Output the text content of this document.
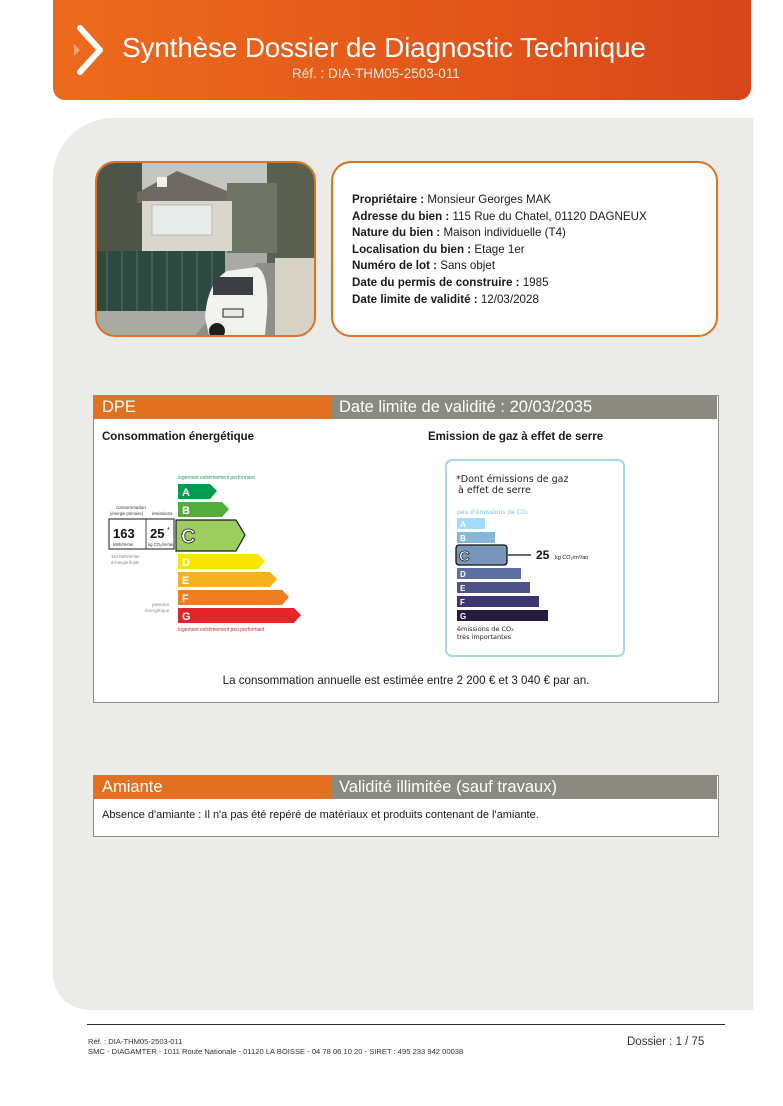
Synthèse Dossier de Diagnostic Technique
Réf. : DIA-THM05-2503-011
Propriétaire : Monsieur Georges MAK
Adresse du bien : 115 Rue du Chatel, 01120 DAGNEUX
Nature du bien : Maison individuelle (T4)
Localisation du bien : Etage 1er
Numéro de lot : Sans objet
Date du permis de construire : 1985
Date limite de validité : 12/03/2028
DPE	Date limite de validité : 20/03/2035
Consommation énergétique	Emission de gaz à effet de serre
logement extrêmement performant
A
B
C
D
E
F
G
logement extrêmement peu performant
consommation
(énergie primaire) émissions
163 25 *
kWh/m²/an	kg CO₂/m²/an
154 kWh/m²/an
d'énergie finale
passoire
énergétique
*Dont émissions de gaz
à effet de serre
peu d'émissions de CO₂
A
B
C
D
E
F
G
25 kg CO₂/m²/an
émissions de CO₂
très importantes
La consommation annuelle est estimée entre 2 200 € et 3 040 € par an.
Amiante	Validité illimitée (sauf travaux)
Absence d'amiante : Il n'a pas été repéré de matériaux et produits contenant de l'amiante.
Réf. : DIA-THM05-2503-011
SMC - DIAGAMTER - 1011 Route Nationale - 01120 LA BOISSE - 04 78 06 10 20 - SIRET : 495 233 942 00038
Dossier : 1 / 75
